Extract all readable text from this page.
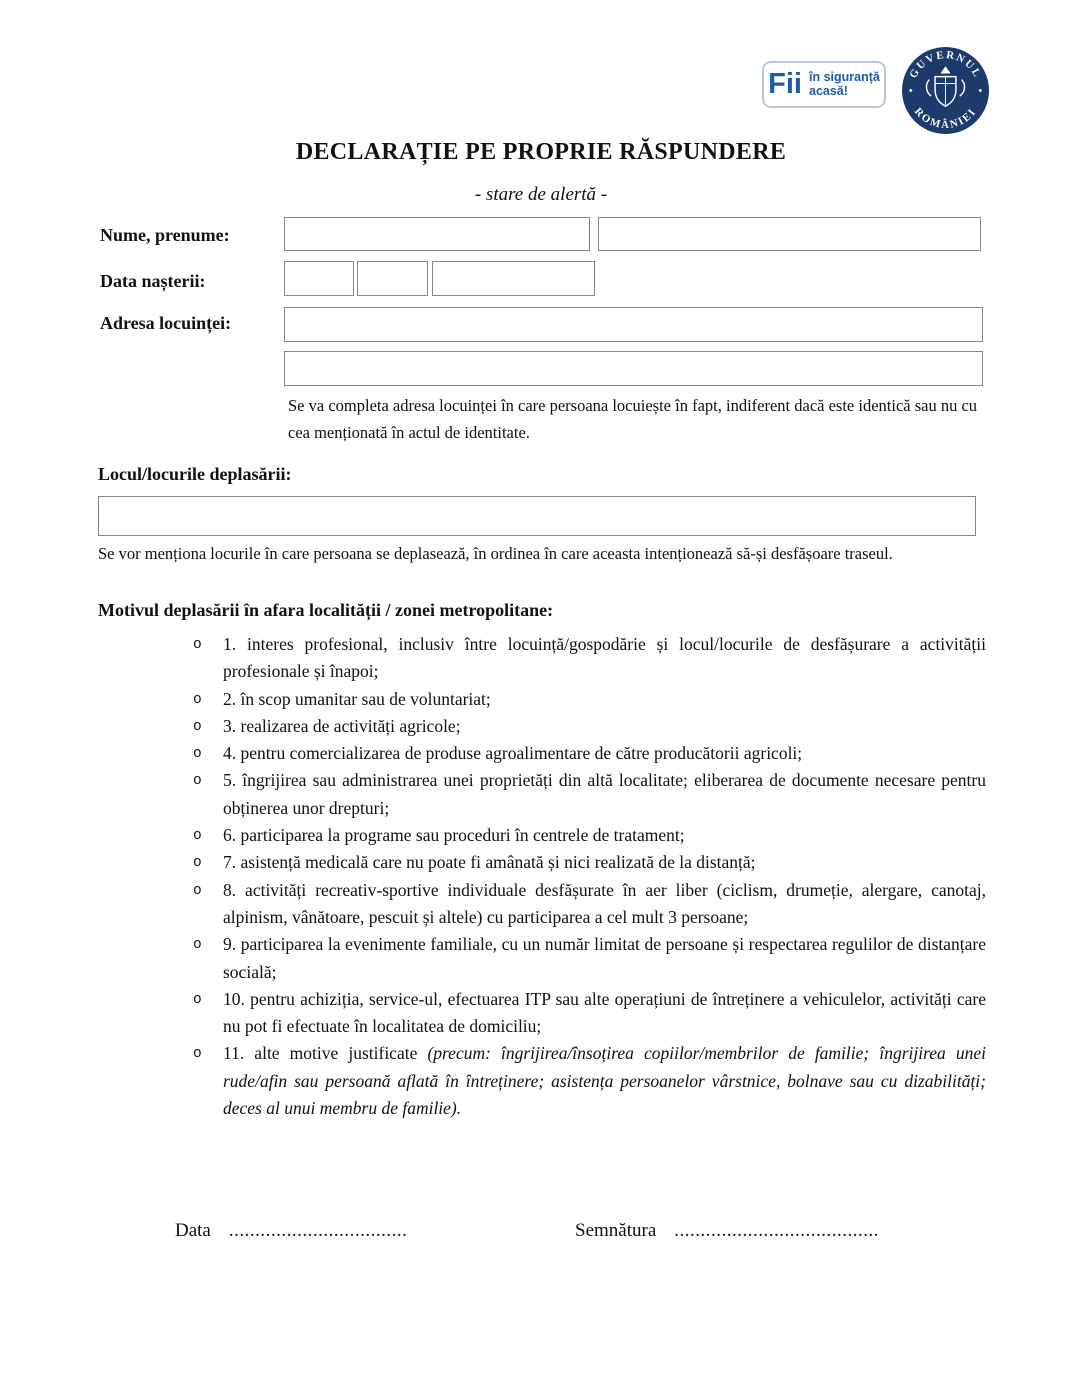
Fii în siguranță
acasă!
GUVERNUL
ROMÂNIEI
DECLARAȚIE PE PROPRIE RĂSPUNDERE
- stare de alertă -
Nume, prenume:
Data nașterii:
Adresa locuinței:
Se va completa adresa locuinței în care persoana locuiește în fapt, indiferent dacă este identică sau nu cu cea menționată în actul de identitate.
Locul/locurile deplasării:
Se vor menționa locurile în care persoana se deplasează, în ordinea în care aceasta intenționează să-și desfășoare traseul.
Motivul deplasării în afara localității / zonei metropolitane:
o 1. interes profesional, inclusiv între locuință/gospodărie și locul/locurile de desfășurare a activității profesionale și înapoi;
o 2. în scop umanitar sau de voluntariat;
o 3. realizarea de activități agricole;
o 4. pentru comercializarea de produse agroalimentare de către producătorii agricoli;
o 5. îngrijirea sau administrarea unei proprietăți din altă localitate; eliberarea de documente necesare pentru obținerea unor drepturi;
o 6. participarea la programe sau proceduri în centrele de tratament;
o 7. asistență medicală care nu poate fi amânată și nici realizată de la distanță;
o 8. activități recreativ-sportive individuale desfășurate în aer liber (ciclism, drumeție, alergare, canotaj, alpinism, vânătoare, pescuit și altele) cu participarea a cel mult 3 persoane;
o 9. participarea la evenimente familiale, cu un număr limitat de persoane și respectarea regulilor de distanțare socială;
o 10. pentru achiziția, service-ul, efectuarea ITP sau alte operațiuni de întreținere a vehiculelor, activități care nu pot fi efectuate în localitatea de domiciliu;
o 11. alte motive justificate (precum: îngrijirea/însoțirea copiilor/membrilor de familie; îngrijirea unei rude/afin sau persoană aflată în întreținere; asistența persoanelor vârstnice, bolnave sau cu dizabilități; deces al unui membru de familie).
Data ..................................	Semnătura .......................................
